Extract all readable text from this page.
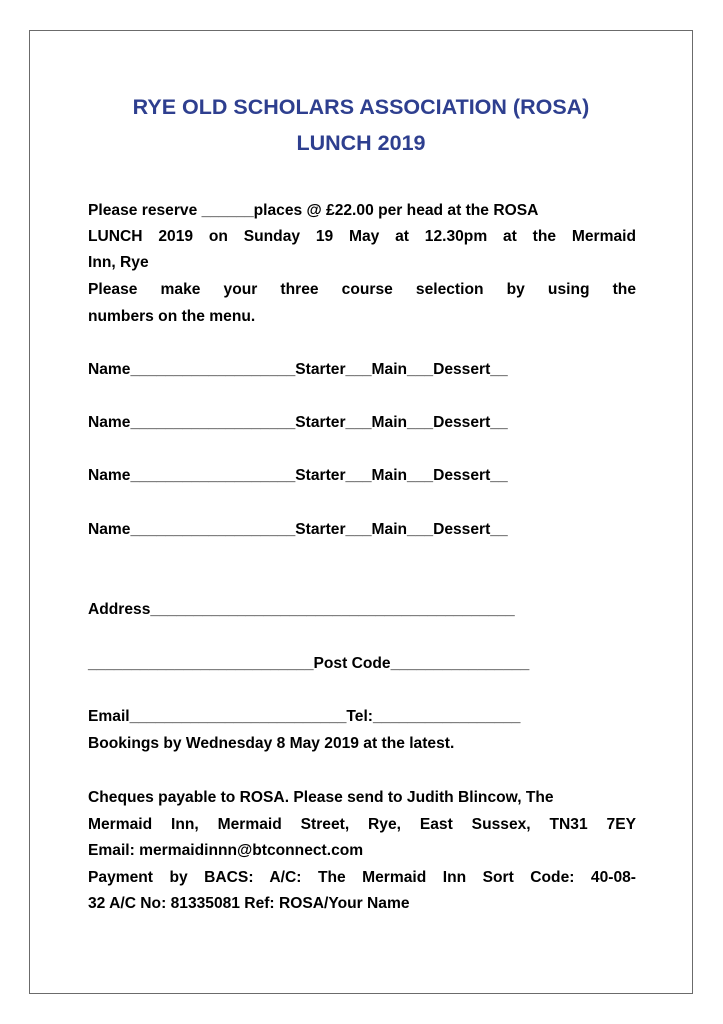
RYE OLD SCHOLARS ASSOCIATION (ROSA)
LUNCH 2019
Please reserve ______places @ £22.00 per head at the ROSA
LUNCH 2019 on Sunday 19 May at 12.30pm at the Mermaid
Inn, Rye
Please make your three course selection by using the
numbers on the menu.
Name___________________Starter___Main___Dessert__
Name___________________Starter___Main___Dessert__
Name___________________Starter___Main___Dessert__
Name___________________Starter___Main___Dessert__
Address__________________________________________
__________________________Post Code________________
Email_________________________Tel:_________________
Bookings by Wednesday 8 May 2019 at the latest.
Cheques payable to ROSA. Please send to Judith Blincow, The
Mermaid Inn, Mermaid Street, Rye, East Sussex, TN31 7EY
Email: mermaidinnn@btconnect.com
Payment by BACS: A/C: The Mermaid Inn Sort Code: 40-08-
32 A/C No: 81335081 Ref: ROSA/Your Name
